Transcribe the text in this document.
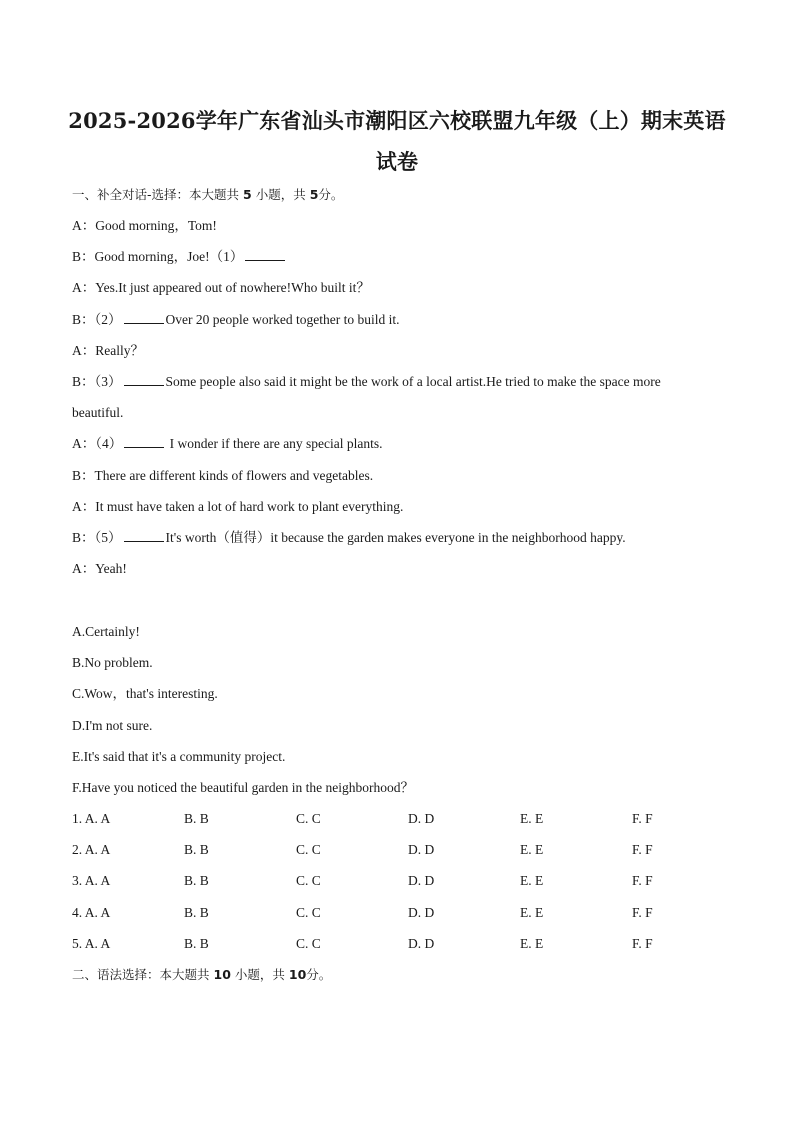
2025-2026学年广东省汕头市潮阳区六校联盟九年级（上）期末英语
试卷
一、补全对话-选择：本大题共 5 小题，共 5分。
A：Good morning，Tom!
B：Good morning，Joe!（1）
A：Yes.It just appeared out of nowhere!Who built it？
B：（2）	Over 20 people worked together to build it.
A：Really？
B：（3）	Some people also said it might be the work of a local artist.He tried to make the space more
beautiful.
A：（4）	I wonder if there are any special plants.
B：There are different kinds of flowers and vegetables.
A：It must have taken a lot of hard work to plant everything.
B：（5）	It's worth（值得）it because the garden makes everyone in the neighborhood happy.
A：Yeah!
A.Certainly!
B.No problem.
C.Wow，that's interesting.
D.I'm not sure.
E.It's said that it's a community project.
F.Have you noticed the beautiful garden in the neighborhood？
1. A. A	B. B	C. C	D. D	E. E	F. F
2. A. A	B. B	C. C	D. D	E. E	F. F
3. A. A	B. B	C. C	D. D	E. E	F. F
4. A. A	B. B	C. C	D. D	E. E	F. F
5. A. A	B. B	C. C	D. D	E. E	F. F
二、语法选择：本大题共 10 小题，共 10分。
